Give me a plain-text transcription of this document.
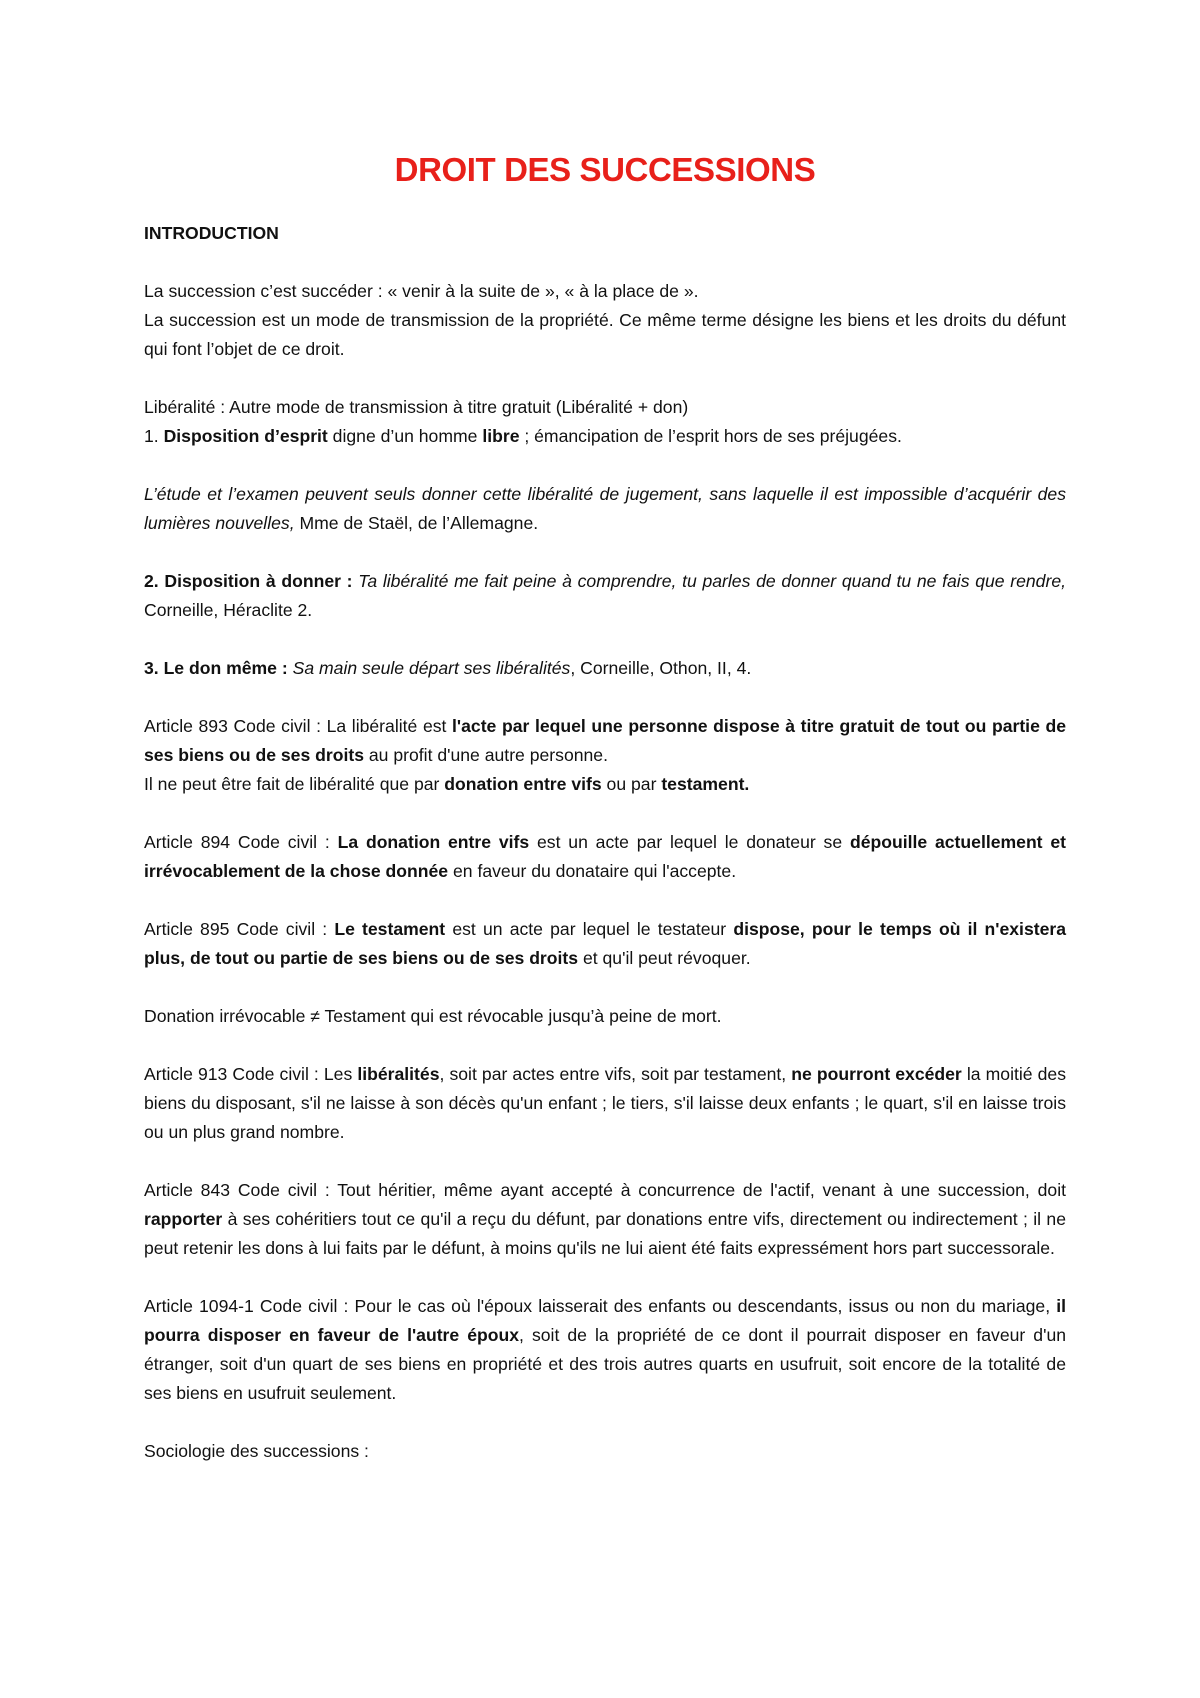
DROIT DES SUCCESSIONS

INTRODUCTION

La succession c’est succéder : « venir à la suite de », « à la place de ».
La succession est un mode de transmission de la propriété. Ce même terme désigne les biens et les droits du défunt qui font l’objet de ce droit.

Libéralité : Autre mode de transmission à titre gratuit (Libéralité + don)
1. Disposition d’esprit digne d’un homme libre ; émancipation de l’esprit hors de ses préjugées.

L’étude et l’examen peuvent seuls donner cette libéralité de jugement, sans laquelle il est impossible d’acquérir des lumières nouvelles, Mme de Staël, de l’Allemagne.

2. Disposition à donner : Ta libéralité me fait peine à comprendre, tu parles de donner quand tu ne fais que rendre, Corneille, Héraclite 2.

3. Le don même : Sa main seule départ ses libéralités, Corneille, Othon, II, 4.

Article 893 Code civil : La libéralité est l'acte par lequel une personne dispose à titre gratuit de tout ou partie de ses biens ou de ses droits au profit d'une autre personne.
Il ne peut être fait de libéralité que par donation entre vifs ou par testament.

Article 894 Code civil : La donation entre vifs est un acte par lequel le donateur se dépouille actuellement et irrévocablement de la chose donnée en faveur du donataire qui l'accepte.

Article 895 Code civil : Le testament est un acte par lequel le testateur dispose, pour le temps où il n'existera plus, de tout ou partie de ses biens ou de ses droits et qu'il peut révoquer.

Donation irrévocable ≠ Testament qui est révocable jusqu’à peine de mort.

Article 913 Code civil : Les libéralités, soit par actes entre vifs, soit par testament, ne pourront excéder la moitié des biens du disposant, s'il ne laisse à son décès qu'un enfant ; le tiers, s'il laisse deux enfants ; le quart, s'il en laisse trois ou un plus grand nombre.

Article 843 Code civil : Tout héritier, même ayant accepté à concurrence de l'actif, venant à une succession, doit rapporter à ses cohéritiers tout ce qu'il a reçu du défunt, par donations entre vifs, directement ou indirectement ; il ne peut retenir les dons à lui faits par le défunt, à moins qu'ils ne lui aient été faits expressément hors part successorale.

Article 1094-1 Code civil : Pour le cas où l'époux laisserait des enfants ou descendants, issus ou non du mariage, il pourra disposer en faveur de l'autre époux, soit de la propriété de ce dont il pourrait disposer en faveur d'un étranger, soit d'un quart de ses biens en propriété et des trois autres quarts en usufruit, soit encore de la totalité de ses biens en usufruit seulement.

Sociologie des successions :
